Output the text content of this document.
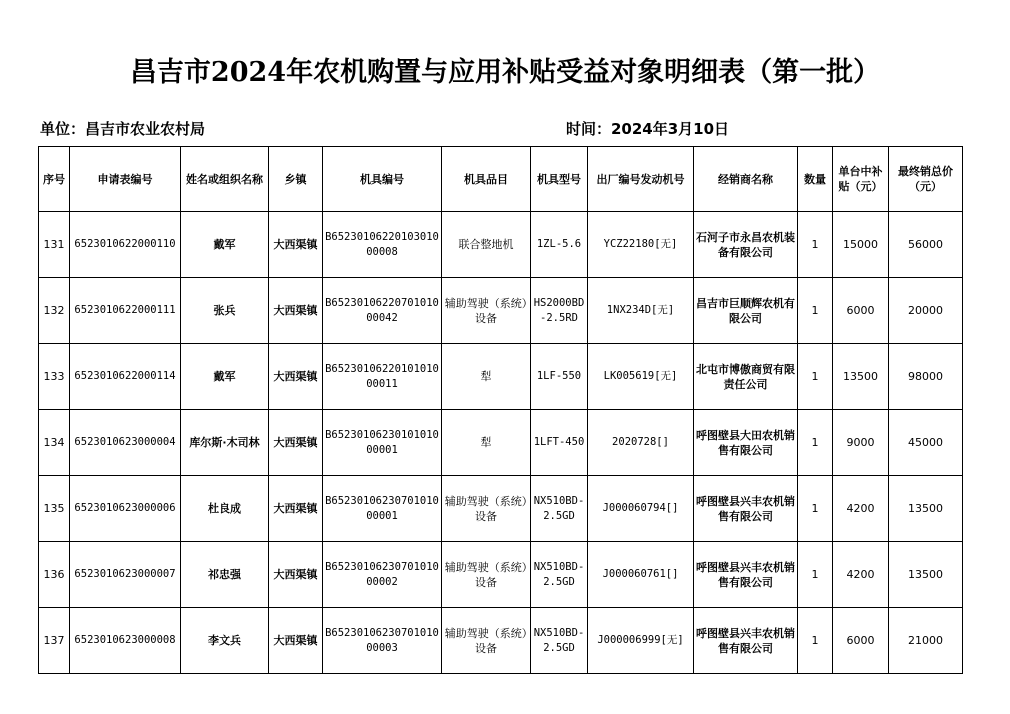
昌吉市2024年农机购置与应用补贴受益对象明细表（第一批）
单位：昌吉市农业农村局	时间：2024年3月10日
序号	申请表编号	姓名或组织名称	乡镇	机具编号	机具品目	机具型号	出厂编号发动机号	经销商名称	数量	单台中补贴（元）	最终销总价（元）
131	6523010622000110	戴军	大西渠镇	B6523010622010301000008	联合整地机	1ZL-5.6	YCZ22180[无]	石河子市永昌农机装备有限公司	1	15000	56000
132	6523010622000111	张兵	大西渠镇	B6523010622070101000042	辅助驾驶（系统）设备	HS2000BD-2.5RD	1NX234D[无]	昌吉市巨顺辉农机有限公司	1	6000	20000
133	6523010622000114	戴军	大西渠镇	B6523010622010101000011	犁	1LF-550	LK005619[无]	北屯市博傲商贸有限责任公司	1	13500	98000
134	6523010623000004	库尔斯·木司林	大西渠镇	B6523010623010101000001	犁	1LFT-450	2020728[]	呼图壁县大田农机销售有限公司	1	9000	45000
135	6523010623000006	杜良成	大西渠镇	B6523010623070101000001	辅助驾驶（系统）设备	NX510BD-2.5GD	J000060794[]	呼图壁县兴丰农机销售有限公司	1	4200	13500
136	6523010623000007	祁忠强	大西渠镇	B6523010623070101000002	辅助驾驶（系统）设备	NX510BD-2.5GD	J000060761[]	呼图壁县兴丰农机销售有限公司	1	4200	13500
137	6523010623000008	李文兵	大西渠镇	B6523010623070101000003	辅助驾驶（系统）设备	NX510BD-2.5GD	J000006999[无]	呼图壁县兴丰农机销售有限公司	1	6000	21000
